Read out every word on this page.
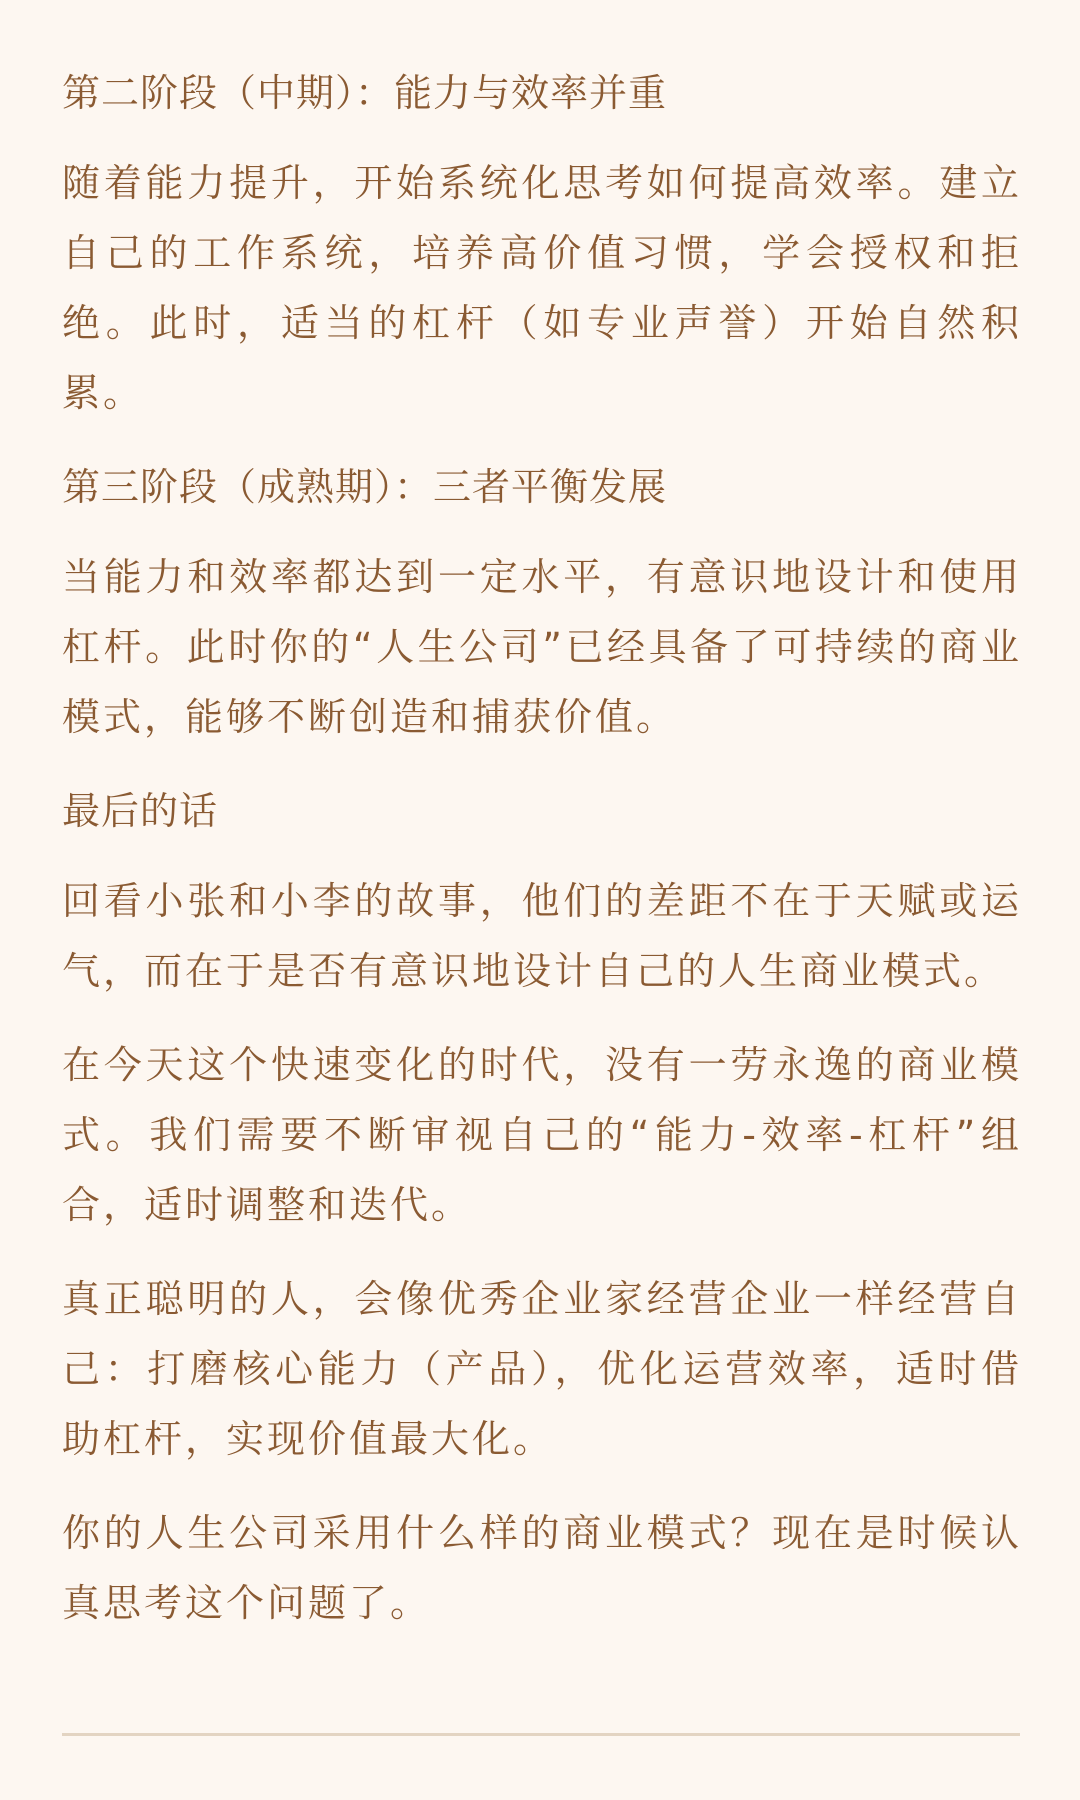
第二阶段（中期）：能力与效率并重

随着能力提升，开始系统化思考如何提高效率。建立自己的工作系统，培养高价值习惯，学会授权和拒绝。此时，适当的杠杆（如专业声誉）开始自然积累。

第三阶段（成熟期）：三者平衡发展

当能力和效率都达到一定水平，有意识地设计和使用杠杆。此时你的“人生公司”已经具备了可持续的商业模式，能够不断创造和捕获价值。

最后的话

回看小张和小李的故事，他们的差距不在于天赋或运气，而在于是否有意识地设计自己的人生商业模式。

在今天这个快速变化的时代，没有一劳永逸的商业模式。我们需要不断审视自己的“能力-效率-杠杆”组合，适时调整和迭代。

真正聪明的人，会像优秀企业家经营企业一样经营自己：打磨核心能力（产品），优化运营效率，适时借助杠杆，实现价值最大化。

你的人生公司采用什么样的商业模式？现在是时候认真思考这个问题了。
